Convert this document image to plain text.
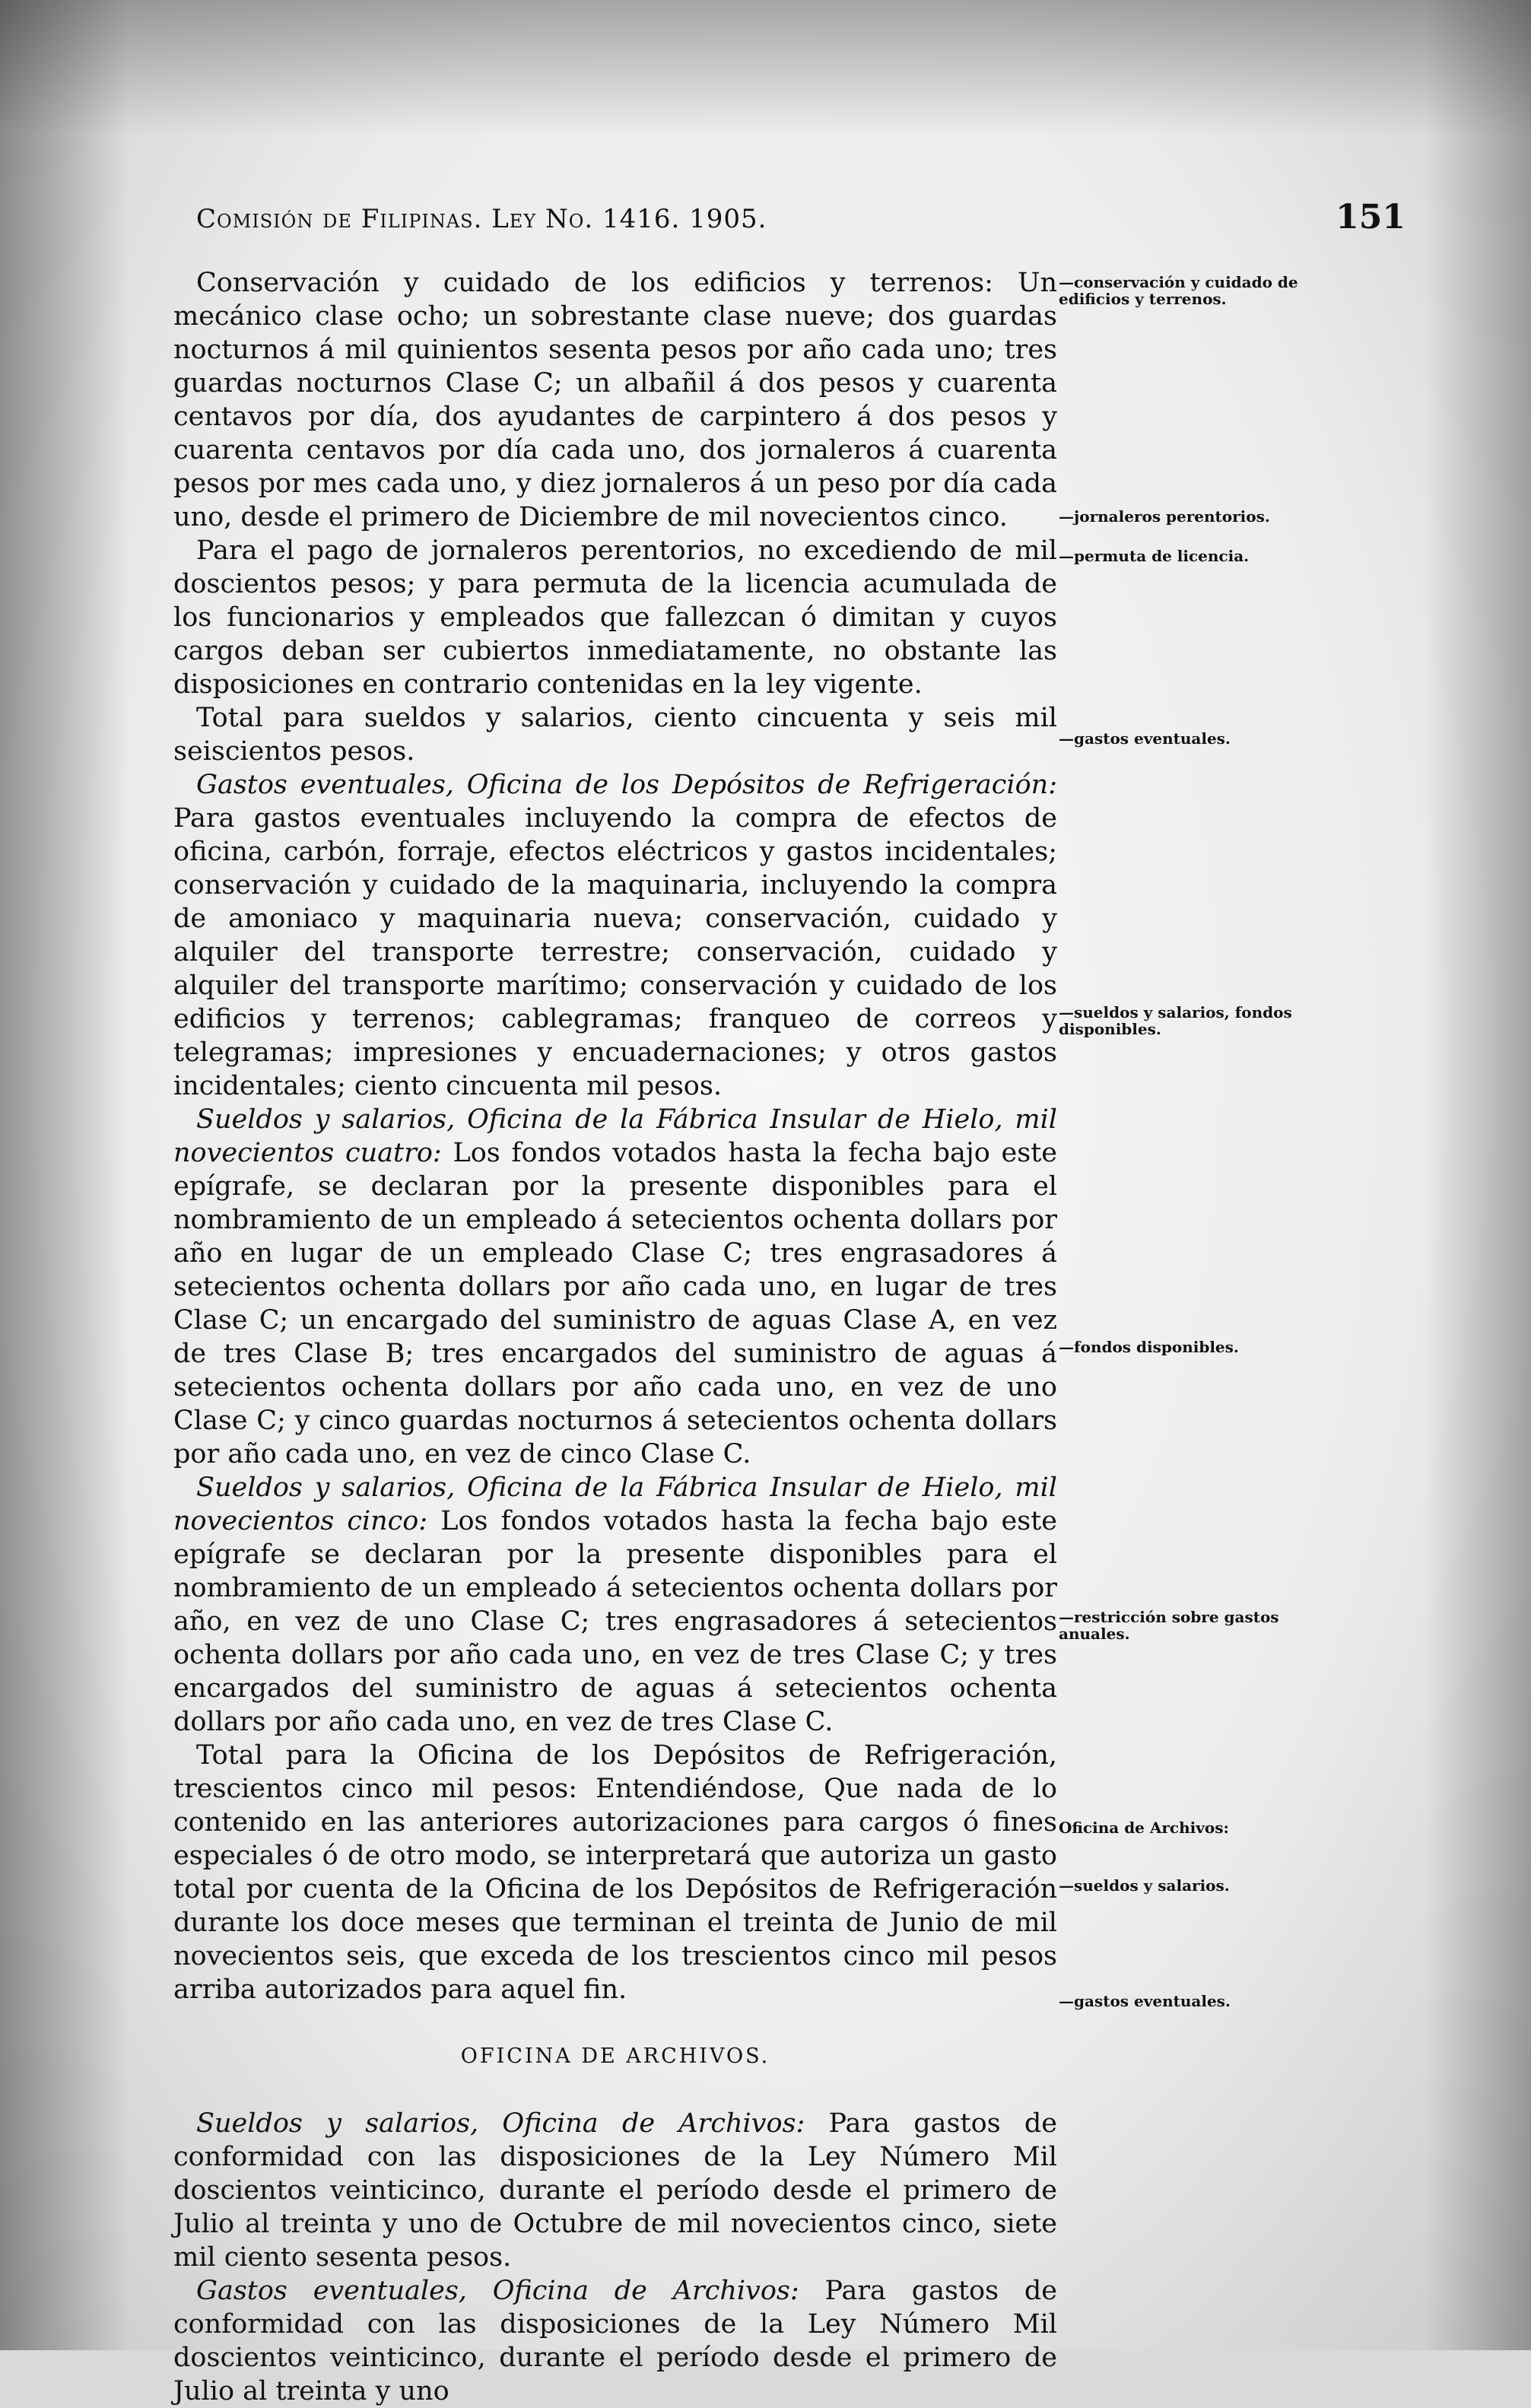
Comisión de Filipinas. Ley No. 1416. 1905.	151
—conservación y cuidado de edificios y terrenos.
—jornaleros perentorios.
—permuta de licencia.
—gastos eventuales.
—sueldos y salarios, fondos disponibles.
—fondos disponibles.
—restricción sobre gastos anuales.
Oficina de Archivos:
—sueldos y salarios.
—gastos eventuales.

Conservación y cuidado de los edificios y terrenos: Un mecánico clase ocho; un sobrestante clase nueve; dos guardas nocturnos á mil quinientos sesenta pesos por año cada uno; tres guardas nocturnos Clase C; un albañil á dos pesos y cuarenta centavos por día, dos ayudantes de carpintero á dos pesos y cuarenta centavos por día cada uno, dos jornaleros á cuarenta pesos por mes cada uno, y diez jornaleros á un peso por día cada uno, desde el primero de Diciembre de mil novecientos cinco.

Para el pago de jornaleros perentorios, no excediendo de mil doscientos pesos; y para permuta de la licencia acumulada de los funcionarios y empleados que fallezcan ó dimitan y cuyos cargos deban ser cubiertos inmediatamente, no obstante las disposiciones en contrario contenidas en la ley vigente.

Total para sueldos y salarios, ciento cincuenta y seis mil seiscientos pesos.

Gastos eventuales, Oficina de los Depósitos de Refrigeración: Para gastos eventuales incluyendo la compra de efectos de oficina, carbón, forraje, efectos eléctricos y gastos incidentales; conservación y cuidado de la maquinaria, incluyendo la compra de amoniaco y maquinaria nueva; conservación, cuidado y alquiler del transporte terrestre; conservación, cuidado y alquiler del transporte marítimo; conservación y cuidado de los edificios y terrenos; cablegramas; franqueo de correos y telegramas; impresiones y encuadernaciones; y otros gastos incidentales; ciento cincuenta mil pesos.

Sueldos y salarios, Oficina de la Fábrica Insular de Hielo, mil novecientos cuatro: Los fondos votados hasta la fecha bajo este epígrafe, se declaran por la presente disponibles para el nombramiento de un empleado á setecientos ochenta dollars por año en lugar de un empleado Clase C; tres engrasadores á setecientos ochenta dollars por año cada uno, en lugar de tres Clase C; un encargado del suministro de aguas Clase A, en vez de tres Clase B; tres encargados del suministro de aguas á setecientos ochenta dollars por año cada uno, en vez de uno Clase C; y cinco guardas nocturnos á setecientos ochenta dollars por año cada uno, en vez de cinco Clase C.

Sueldos y salarios, Oficina de la Fábrica Insular de Hielo, mil novecientos cinco: Los fondos votados hasta la fecha bajo este epígrafe se declaran por la presente disponibles para el nombramiento de un empleado á setecientos ochenta dollars por año, en vez de uno Clase C; tres engrasadores á setecientos ochenta dollars por año cada uno, en vez de tres Clase C; y tres encargados del suministro de aguas á setecientos ochenta dollars por año cada uno, en vez de tres Clase C.

Total para la Oficina de los Depósitos de Refrigeración, trescientos cinco mil pesos: Entendiéndose, Que nada de lo contenido en las anteriores autorizaciones para cargos ó fines especiales ó de otro modo, se interpretará que autoriza un gasto total por cuenta de la Oficina de los Depósitos de Refrigeración durante los doce meses que terminan el treinta de Junio de mil novecientos seis, que exceda de los trescientos cinco mil pesos arriba autorizados para aquel fin.

OFICINA DE ARCHIVOS.

Sueldos y salarios, Oficina de Archivos: Para gastos de conformidad con las disposiciones de la Ley Número Mil doscientos veinticinco, durante el período desde el primero de Julio al treinta y uno de Octubre de mil novecientos cinco, siete mil ciento sesenta pesos.

Gastos eventuales, Oficina de Archivos: Para gastos de conformidad con las disposiciones de la Ley Número Mil doscientos veinticinco, durante el período desde el primero de Julio al treinta y uno
